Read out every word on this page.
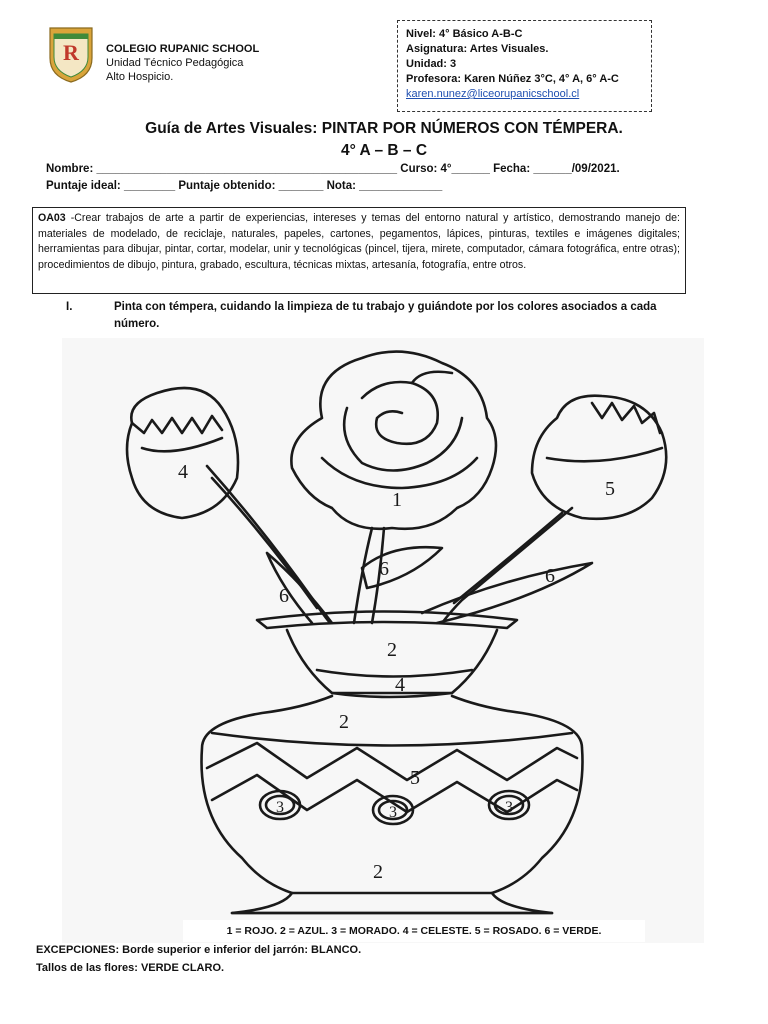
R COLEGIO RUPANIC SCHOOL
Unidad Técnico Pedagógica
Alto Hospicio.
Nivel: 4° Básico A-B-C
Asignatura: Artes Visuales.
Unidad: 3
Profesora: Karen Núñez 3°C, 4° A, 6° A-C
karen.nunez@liceorupanicschool.cl
Guía de Artes Visuales: PINTAR POR NÚMEROS CON TÉMPERA.
4° A – B – C
Nombre: _______________________________________________ Curso: 4°______ Fecha: ______/09/2021.
Puntaje ideal: ________ Puntaje obtenido: _______ Nota: _____________
OA03 -Crear trabajos de arte a partir de experiencias, intereses y temas del entorno natural y artístico, demostrando manejo de: materiales de modelado, de reciclaje, naturales, papeles, cartones, pegamentos, lápices, pinturas, textiles e imágenes digitales; herramientas para dibujar, pintar, cortar, modelar, unir y tecnológicas (pincel, tijera, mirete, computador, cámara fotográfica, entre otras); procedimientos de dibujo, pintura, grabado, escultura, técnicas mixtas, artesanía, fotografía, entre otros.
I.	Pinta con témpera, cuidando la limpieza de tu trabajo y guiándote por los colores asociados a cada número.
1
4
5
6
6	6
2
4
2
5
3	3	3
2
1 = ROJO. 2 = AZUL. 3 = MORADO. 4 = CELESTE. 5 = ROSADO. 6 = VERDE.
EXCEPCIONES: Borde superior e inferior del jarrón: BLANCO.
Tallos de las flores: VERDE CLARO.
